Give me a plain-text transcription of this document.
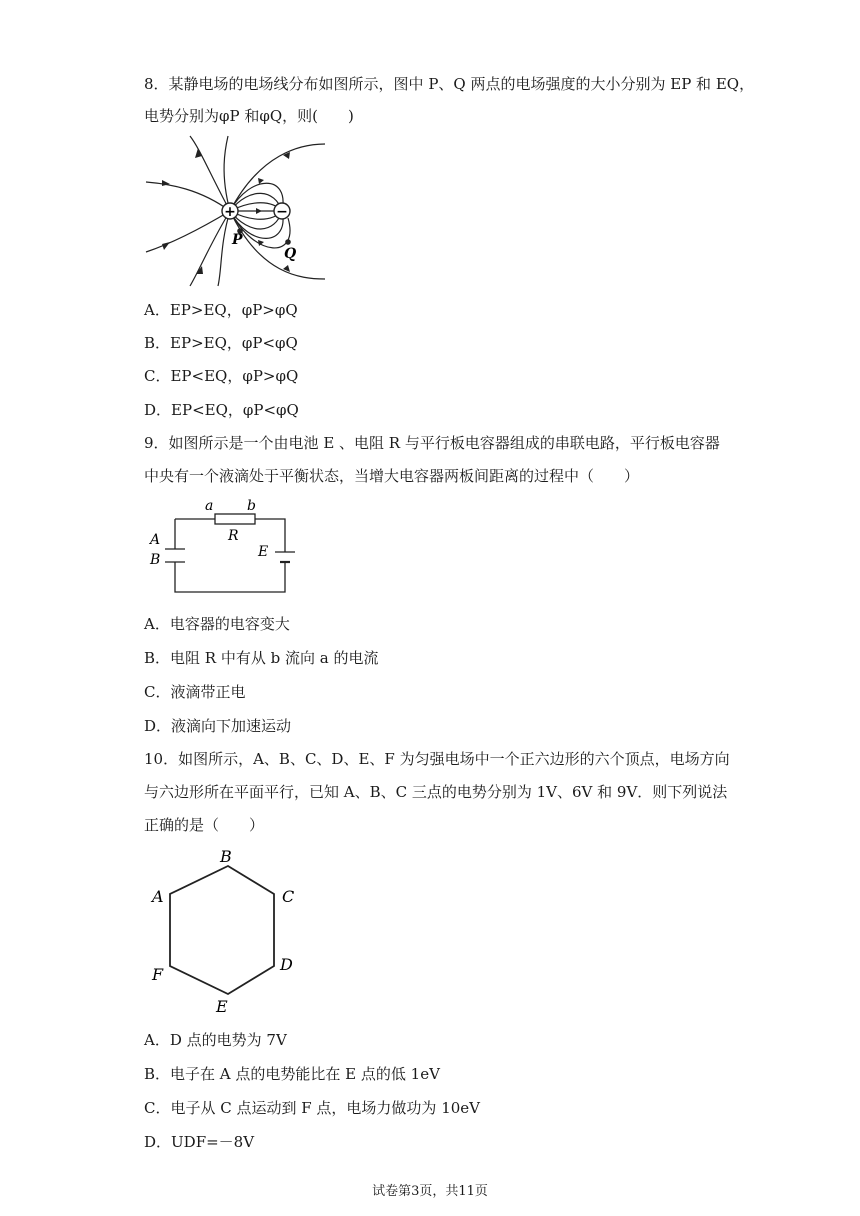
8．某静电场的电场线分布如图所示，图中 P、Q 两点的电场强度的大小分别为 EP 和 EQ，
电势分别为φP 和φQ，则(　　)
+	−
P
Q
A．EP>EQ，φP>φQ
B．EP>EQ，φP<φQ
C．EP<EQ，φP>φQ
D．EP<EQ，φP<φQ
9．如图所示是一个由电池 E 、电阻 R 与平行板电容器组成的串联电路，平行板电容器
中央有一个液滴处于平衡状态，当增大电容器两板间距离的过程中（　　）
a b
R
A
B	E
A．电容器的电容变大
B．电阻 R 中有从 b 流向 a 的电流
C．液滴带正电
D．液滴向下加速运动
10．如图所示，A、B、C、D、E、F 为匀强电场中一个正六边形的六个顶点，电场方向
与六边形所在平面平行，已知 A、B、C 三点的电势分别为 1V、6V 和 9V．则下列说法
正确的是（　　）
B
C
D
E
F
A
A．D 点的电势为 7V
B．电子在 A 点的电势能比在 E 点的低 1eV
C．电子从 C 点运动到 F 点，电场力做功为 10eV
D．UDF=－8V
试卷第3页，共11页
